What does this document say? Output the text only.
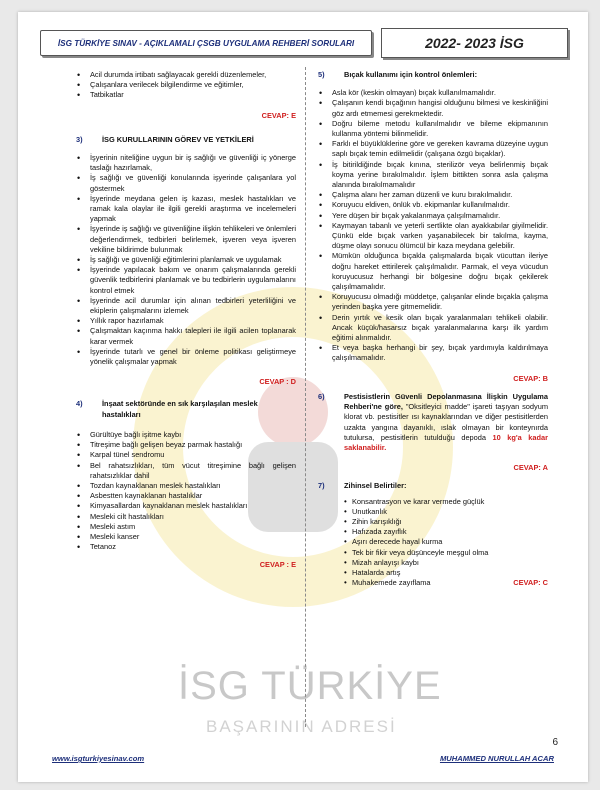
İSG TÜRKİYE
BAŞARININ ADRESİ
İSG TÜRKİYE SINAV - AÇIKLAMALI ÇSGB UYGULAMA REHBERİ SORULARI	2022- 2023 İSG
• Acil durumda irtibatı sağlayacak gerekli düzenlemeler,
• Çalışanlara verilecek bilgilendirme ve eğitimler,
• Tatbikatlar
CEVAP: E
3)	İSG KURULLARININ GÖREV VE YETKİLERİ
• İşyerinin niteliğine uygun bir iş sağlığı ve güvenliği iç yönerge taslağı hazırlamak,
• İş sağlığı ve güvenliği konularında işyerinde çalışanlara yol göstermek
• İşyerinde meydana gelen iş kazası, meslek hastalıkları ve ramak kala olaylar ile ilgili gerekli araştırma ve incelemeleri yapmak
• İşyerinde iş sağlığı ve güvenliğine ilişkin tehlikeleri ve önlemleri değerlendirmek, tedbirleri belirlemek, işveren veya işveren vekiline bildirimde bulunmak
• İş sağlığı ve güvenliği eğitimlerini planlamak ve uygulamak
• İşyerinde yapılacak bakım ve onarım çalışmalarında gerekli güvenlik tedbirlerini planlamak ve bu tedbirlerin uygulamalarını kontrol etmek
• İşyerinde acil durumlar için alınan tedbirleri yeterliliğini ve ekiplerin çalışmalarını izlemek
• Yıllık rapor hazırlamak
• Çalışmaktan kaçınma hakkı talepleri ile ilgili acilen toplanarak karar vermek
• İşyerinde tutarlı ve genel bir önleme politikası geliştirmeye yönelik çalışmalar yapmak
CEVAP : D
4)	İnşaat sektöründe en sık karşılaşılan meslek hastalıkları
• Gürültüye bağlı işitme kaybı
• Titreşime bağlı gelişen beyaz parmak hastalığı
• Karpal tünel sendromu
• Bel rahatsızlıkları, tüm vücut titreşimine bağlı gelişen rahatsızlıklar dahil
• Tozdan kaynaklanan meslek hastalıkları
• Asbestten kaynaklanan hastalıklar
• Kimyasallardan kaynaklanan meslek hastalıkları
• Mesleki cilt hastalıkları
• Mesleki astım
• Mesleki kanser
• Tetanoz
CEVAP : E
5)	Bıçak kullanımı için kontrol önlemleri:
• Asla kör (keskin olmayan) bıçak kullanılmamalıdır.
• Çalışanın kendi bıçağının hangisi olduğunu bilmesi ve keskinliğini göz ardı etmemesi gerekmektedir.
• Doğru bileme metodu kullanılmalıdır ve bileme ekipmanının kullanma yöntemi bilinmelidir.
• Farklı el büyüklüklerine göre ve gereken kavrama düzeyine uygun saplı bıçak temin edilmelidir (çalışana özgü bıçaklar).
• İş bitirildiğinde bıçak kınına, sterilizör veya belirlenmiş bıçak koyma yerine bırakılmalıdır. İşlem bittikten sonra asla çalışma alanında bırakılmamalıdır
• Çalışma alanı her zaman düzenli ve kuru bırakılmalıdır.
• Koruyucu eldiven, önlük vb. ekipmanlar kullanılmalıdır.
• Yere düşen bir bıçak yakalanmaya çalışılmamalıdır.
• Kaymayan tabanlı ve yeterli sertlikte olan ayakkabılar giyilmelidir. Çünkü elde bıçak varken yaşanabilecek bir takılma, kayma, düşme olayı sonucu ölümcül bir kaza meydana gelebilir.
• Mümkün olduğunca bıçakla çalışmalarda bıçak vücuttan ileriye doğru hareket ettirilerek çalışılmalıdır. Parmak, el veya vücudun koruyucusuz herhangi bir bölgesine doğru bıçak çekilerek çalışılmamalıdır.
• Koruyucusu olmadığı müddetçe, çalışanlar elinde bıçakla çalışma yerinden başka yere gitmemelidir.
• Derin yırtık ve kesik olan bıçak yaralanmaları tehlikeli olabilir. Ancak küçük/hasarsız bıçak yaralanmalarına karşı ilk yardım eğitimi alınmalıdır.
• Et veya başka herhangi bir şey, bıçak yardımıyla kaldırılmaya çalışılmamalıdır.
CEVAP: B
6)	Pestisistlerin Güvenli Depolanmasına İlişkin Uygulama Rehberi'ne göre, "Oksitleyici madde" işareti taşıyan sodyum klorat vb. pestisitler ısı kaynaklarından ve diğer pestisitlerden uzakta yangına dayanıklı, ıslak olmayan bir konteynırda tutulursa, pestisitlerin tutulduğu depoda 10 kg'a kadar saklanabilir.
CEVAP: A
7)	Zihinsel Belirtiler:
• Konsantrasyon ve karar vermede güçlük
• Unutkanlık
• Zihin karışıklığı
• Hafızada zayıflık
• Aşırı derecede hayal kurma
• Tek bir fikir veya düşünceyle meşgul olma
• Mizah anlayışı kaybı
• Hatalarda artış
• Muhakemede zayıflama	CEVAP: C
6
www.isgturkiyesinav.com	MUHAMMED NURULLAH ACAR
